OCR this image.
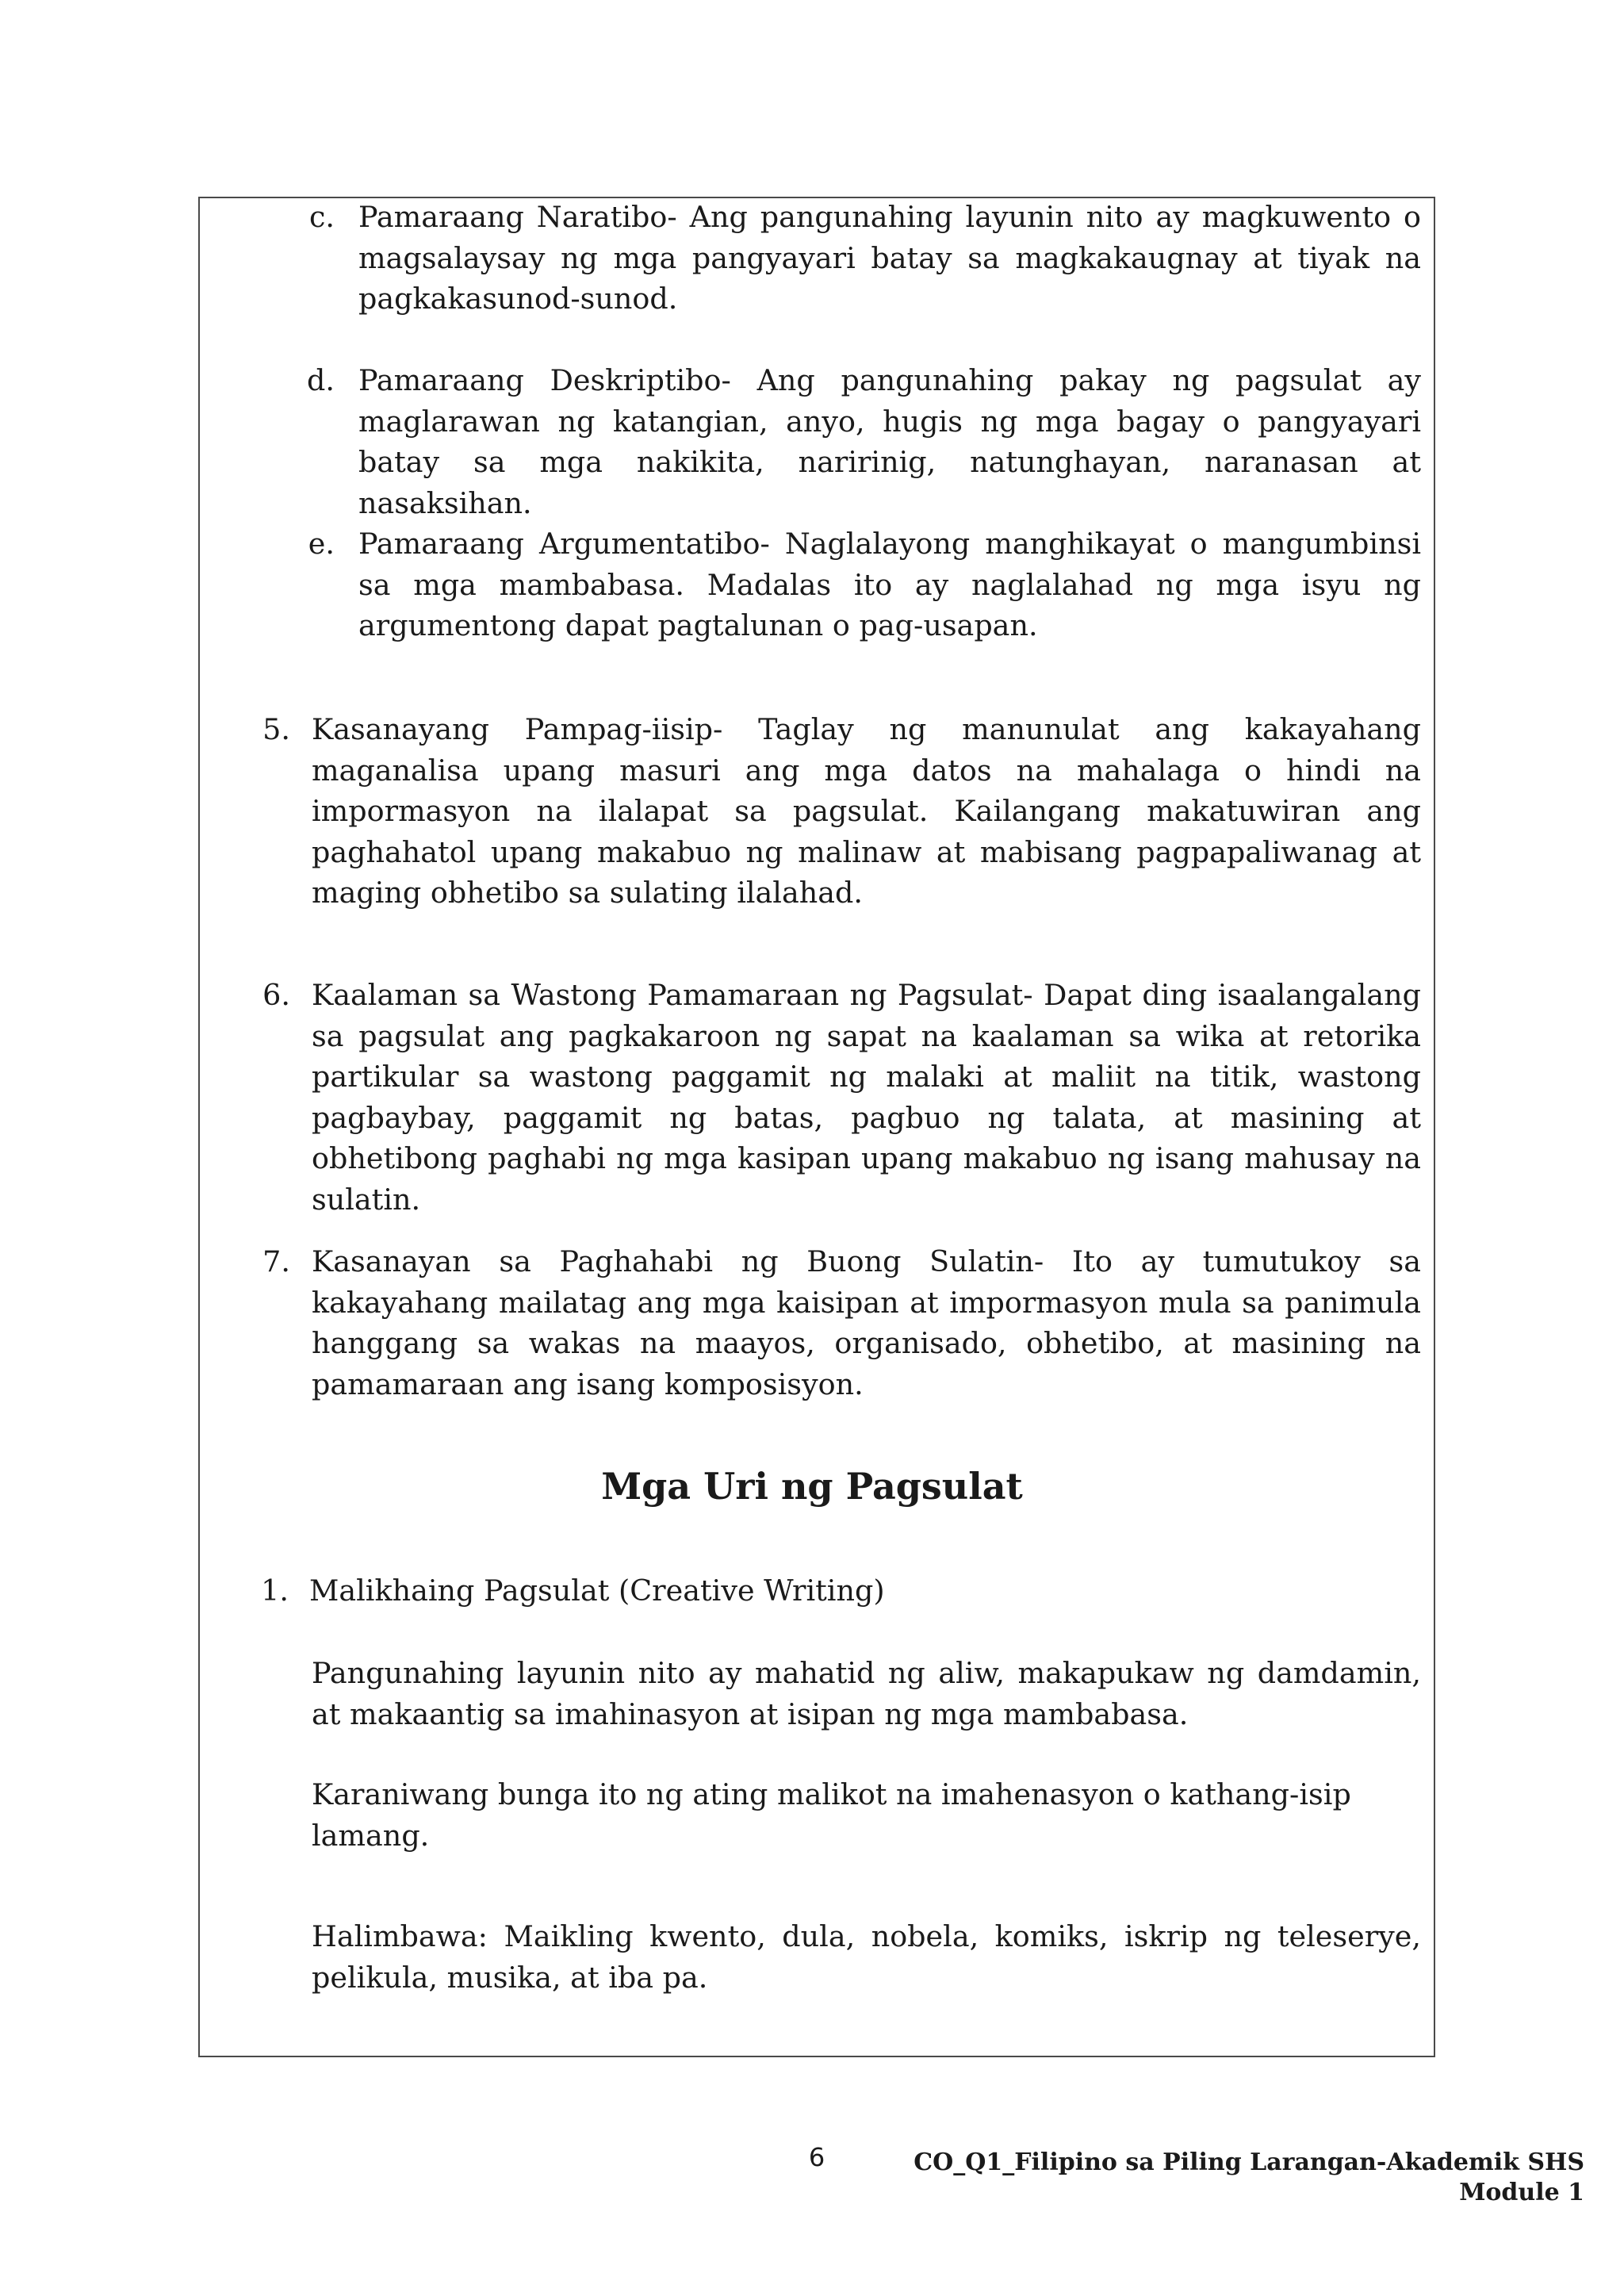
c. Pamaraang Naratibo- Ang pangunahing layunin nito ay magkuwento o magsalaysay ng mga pangyayari batay sa magkakaugnay at tiyak na pagkakasunod-sunod.

d. Pamaraang Deskriptibo- Ang pangunahing pakay ng pagsulat ay maglarawan ng katangian, anyo, hugis ng mga bagay o pangyayari batay sa mga nakikita, naririnig, natunghayan, naranasan at nasaksihan.

e. Pamaraang Argumentatibo- Naglalayong manghikayat o mangumbinsi sa mga mambabasa. Madalas ito ay naglalahad ng mga isyu ng argumentong dapat pagtalunan o pag-usapan.

5. Kasanayang Pampag-iisip- Taglay ng manunulat ang kakayahang maganalisa upang masuri ang mga datos na mahalaga o hindi na impormasyon na ilalapat sa pagsulat. Kailangang makatuwiran ang paghahatol upang makabuo ng malinaw at mabisang pagpapaliwanag at maging obhetibo sa sulating ilalahad.

6. Kaalaman sa Wastong Pamamaraan ng Pagsulat- Dapat ding isaalangalang sa pagsulat ang pagkakaroon ng sapat na kaalaman sa wika at retorika partikular sa wastong paggamit ng malaki at maliit na titik, wastong pagbaybay, paggamit ng batas, pagbuo ng talata, at masining at obhetibong paghabi ng mga kasipan upang makabuo ng isang mahusay na sulatin.

7. Kasanayan sa Paghahabi ng Buong Sulatin- Ito ay tumutukoy sa kakayahang mailatag ang mga kaisipan at impormasyon mula sa panimula hanggang sa wakas na maayos, organisado, obhetibo, at masining na pamamaraan ang isang komposisyon.

Mga Uri ng Pagsulat
1. Malikhaing Pagsulat (Creative Writing)

Pangunahing layunin nito ay mahatid ng aliw, makapukaw ng damdamin, at makaantig sa imahinasyon at isipan ng mga mambabasa.

Karaniwang bunga ito ng ating malikot na imahenasyon o kathang-isip lamang.

Halimbawa: Maikling kwento, dula, nobela, komiks, iskrip ng teleserye, pelikula, musika, at iba pa.

6	CO_Q1_Filipino sa Piling Larangan-Akademik SHS
Module 1
